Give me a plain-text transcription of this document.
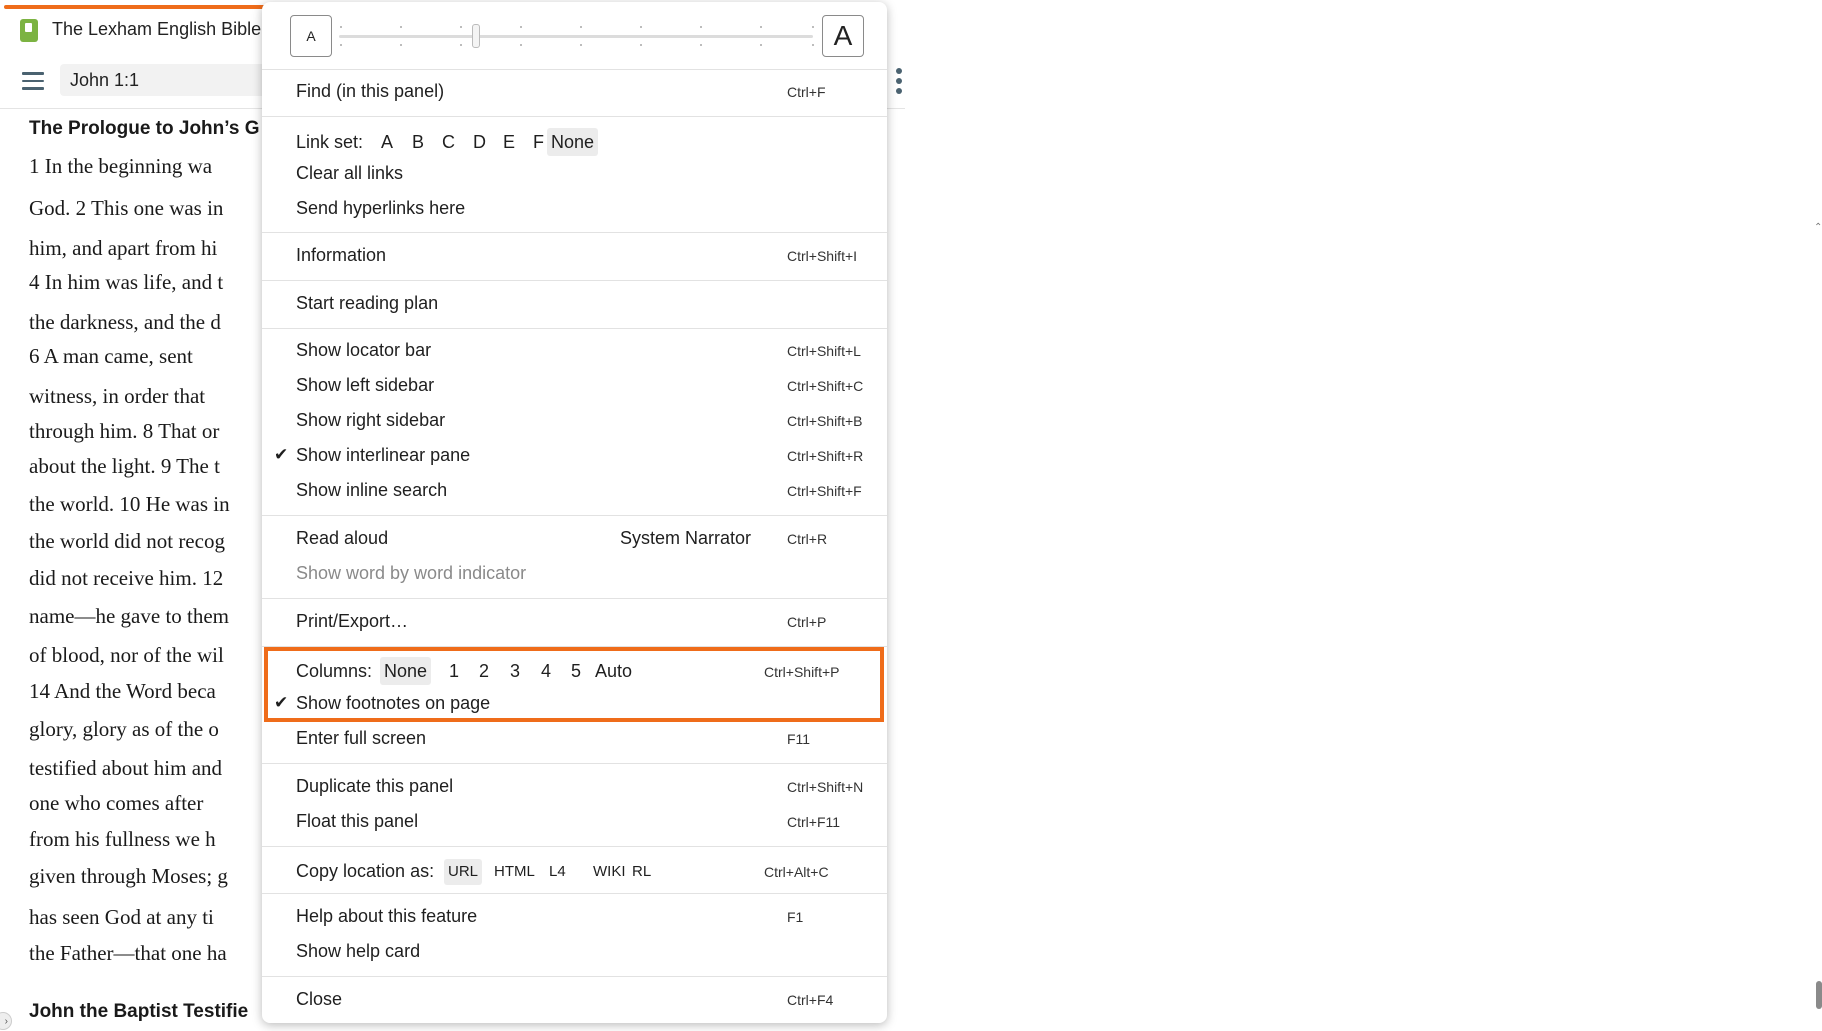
The Lexham English Bible
John 1:1
⌃
›
The Prologue to John’s G
1 In the beginning wa
God. 2 This one was in
him, and apart from hi
4 In him was life, and t
the darkness, and the d
6 A man came, sent
witness, in order that
through him. 8 That or
about the light. 9 The t
the world. 10 He was in
the world did not recog
did not receive him. 12
name—he gave to them
of blood, nor of the wil
14 And the Word beca
glory, glory as of the o
testified about him and
one who comes after
from his fullness we h
given through Moses; g
has seen God at any ti
the Father—that one ha
John the Baptist Testifie
A	A
Find (in this panel)	Ctrl+F
Link set: A B C D E F None
Clear all links
Send hyperlinks here
Information	Ctrl+Shift+I
Start reading plan
Show locator bar	Ctrl+Shift+L
Show left sidebar	Ctrl+Shift+C
Show right sidebar	Ctrl+Shift+B
✔ Show interlinear pane	Ctrl+Shift+R
Show inline search	Ctrl+Shift+F
Read aloud	System Narrator	Ctrl+R
Show word by word indicator
Print/Export…	Ctrl+P
Columns: None 1 2 3 4 5 Auto	Ctrl+Shift+P
✔ Show footnotes on page
Enter full screen	F11
Duplicate this panel	Ctrl+Shift+N
Float this panel	Ctrl+F11
Copy location as: URL HTML L4 WIKI RL	Ctrl+Alt+C
Help about this feature	F1
Show help card
Close	Ctrl+F4
